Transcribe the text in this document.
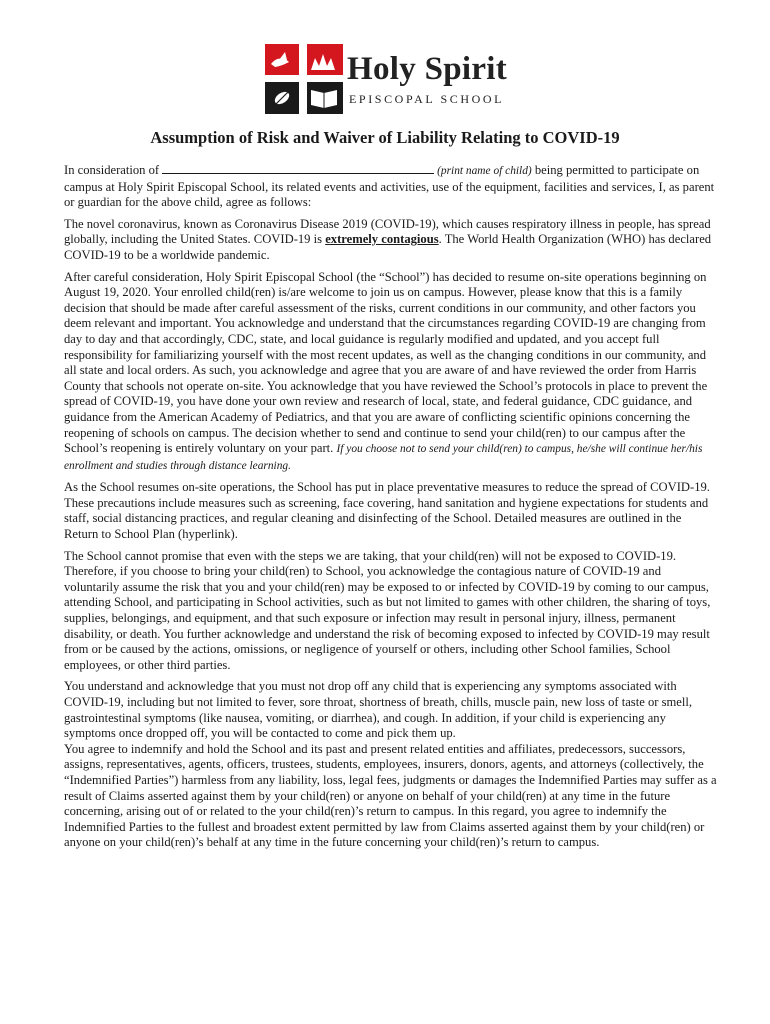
Holy Spirit
EPISCOPAL SCHOOL
Assumption of Risk and Waiver of Liability Relating to COVID-19

In consideration of	(print name of child) being permitted to participate on campus at Holy Spirit Episcopal School, its related events and activities, use of the equipment, facilities and services, I, as parent or guardian for the above child, agree as follows:

The novel coronavirus, known as Coronavirus Disease 2019 (COVID-19), which causes respiratory illness in people, has spread globally, including the United States. COVID-19 is extremely contagious. The World Health Organization (WHO) has declared COVID-19 to be a worldwide pandemic.

After careful consideration, Holy Spirit Episcopal School (the “School”) has decided to resume on-site operations beginning on August 19, 2020. Your enrolled child(ren) is/are welcome to join us on campus. However, please know that this is a family decision that should be made after careful assessment of the risks, current conditions in our community, and other factors you deem relevant and important. You acknowledge and understand that the circumstances regarding COVID-19 are changing from day to day and that accordingly, CDC, state, and local guidance is regularly modified and updated, and you accept full responsibility for familiarizing yourself with the most recent updates, as well as the changing conditions in our community, and all state and local orders. As such, you acknowledge and agree that you are aware of and have reviewed the order from Harris County that schools not operate on-site. You acknowledge that you have reviewed the School’s protocols in place to prevent the spread of COVID-19, you have done your own review and research of local, state, and federal guidance, CDC guidance, and guidance from the American Academy of Pediatrics, and that you are aware of conflicting scientific opinions concerning the reopening of schools on campus. The decision whether to send and continue to send your child(ren) to our campus after the School’s reopening is entirely voluntary on your part. If you choose not to send your child(ren) to campus, he/she will continue her/his enrollment and studies through distance learning.

As the School resumes on-site operations, the School has put in place preventative measures to reduce the spread of COVID-19. These precautions include measures such as screening, face covering, hand sanitation and hygiene expectations for students and staff, social distancing practices, and regular cleaning and disinfecting of the School. Detailed measures are outlined in the Return to School Plan (hyperlink).

The School cannot promise that even with the steps we are taking, that your child(ren) will not be exposed to COVID-19. Therefore, if you choose to bring your child(ren) to School, you acknowledge the contagious nature of COVID-19 and voluntarily assume the risk that you and your child(ren) may be exposed to or infected by COVID-19 by coming to our campus, attending School, and participating in School activities, such as but not limited to games with other children, the sharing of toys, supplies, belongings, and equipment, and that such exposure or infection may result in personal injury, illness, permanent disability, or death. You further acknowledge and understand the risk of becoming exposed to infected by COVID-19 may result from or be caused by the actions, omissions, or negligence of yourself or others, including other School families, School employees, or other third parties.

You understand and acknowledge that you must not drop off any child that is experiencing any symptoms associated with COVID-19, including but not limited to fever, sore throat, shortness of breath, chills, muscle pain, new loss of taste or smell, gastrointestinal symptoms (like nausea, vomiting, or diarrhea), and cough. In addition, if your child is experiencing any symptoms once dropped off, you will be contacted to come and pick them up.

You agree to indemnify and hold the School and its past and present related entities and affiliates, predecessors, successors, assigns, representatives, agents, officers, trustees, students, employees, insurers, donors, agents, and attorneys (collectively, the “Indemnified Parties”) harmless from any liability, loss, legal fees, judgments or damages the Indemnified Parties may suffer as a result of Claims asserted against them by your child(ren) or anyone on behalf of your child(ren) at any time in the future concerning, arising out of or related to the your child(ren)’s return to campus. In this regard, you agree to indemnify the Indemnified Parties to the fullest and broadest extent permitted by law from Claims asserted against them by your child(ren) or anyone on your child(ren)’s behalf at any time in the future concerning your child(ren)’s return to campus.
